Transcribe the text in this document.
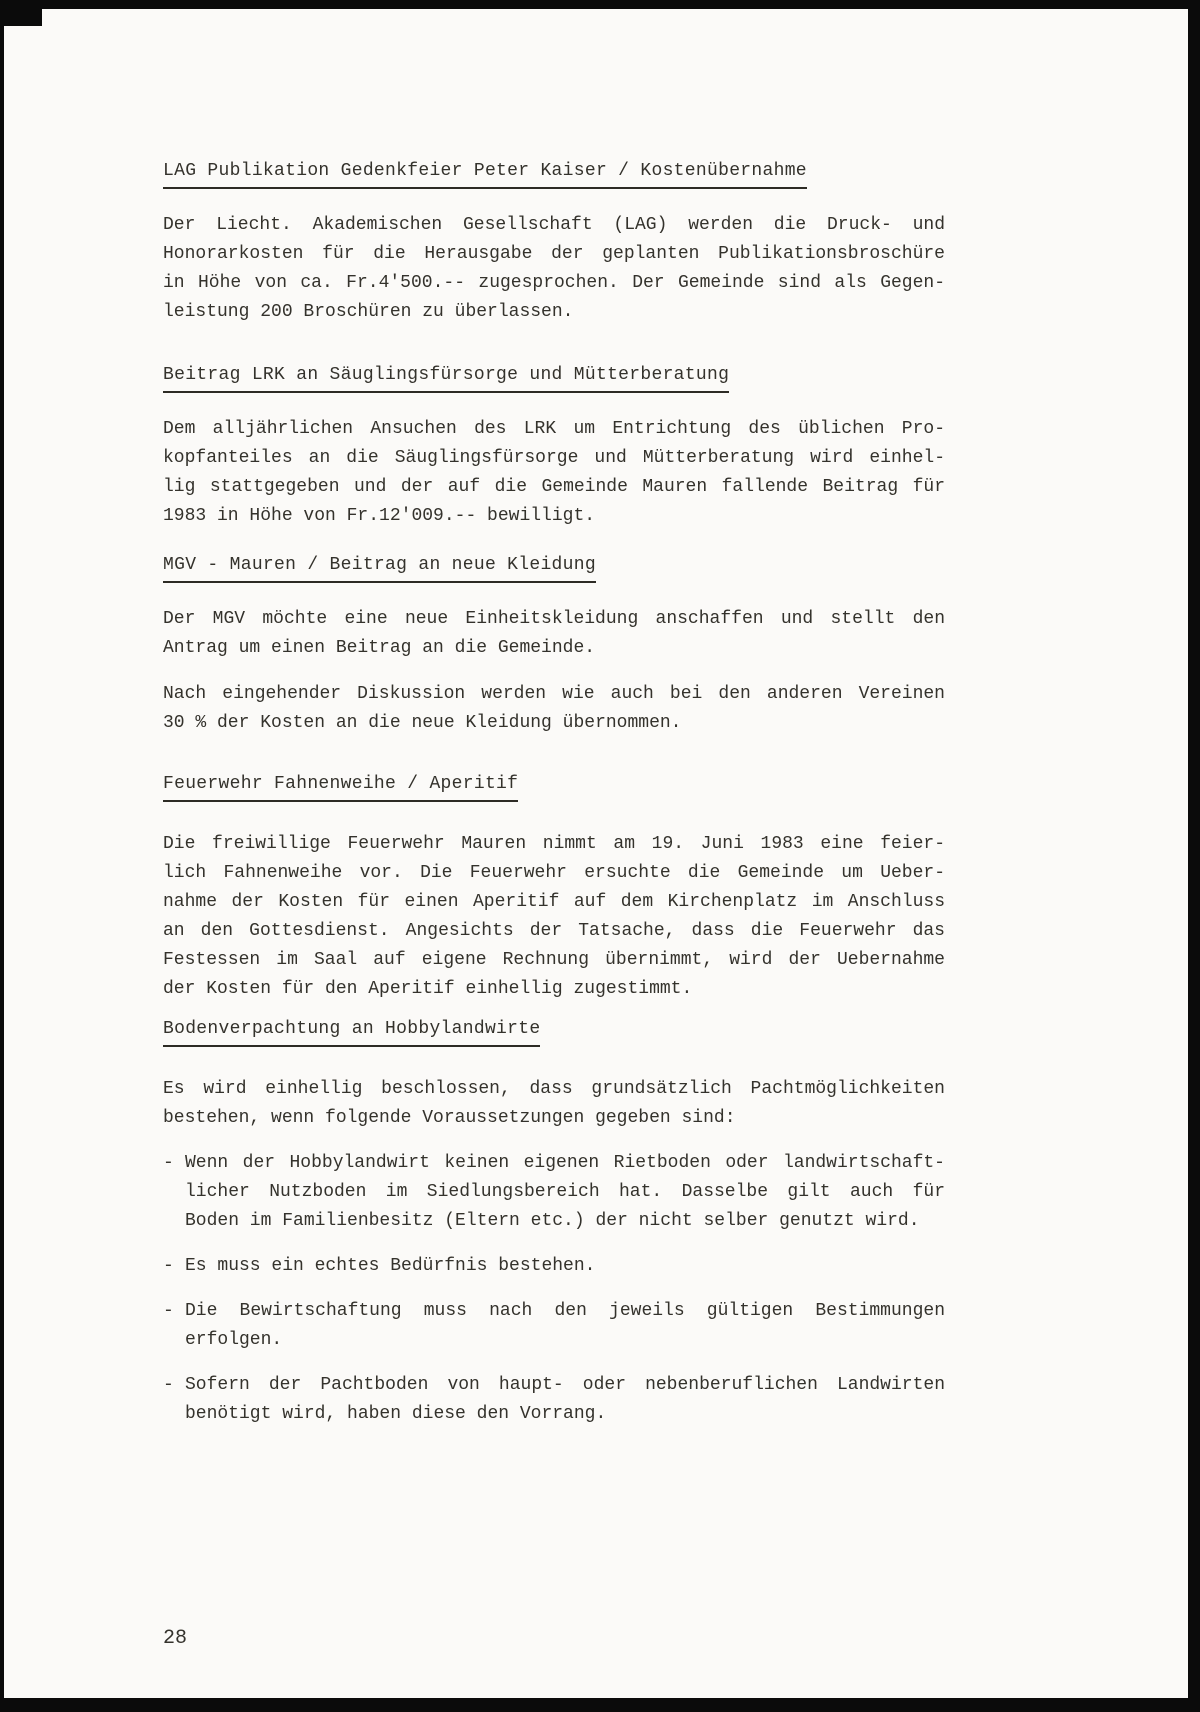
LAG Publikation Gedenkfeier Peter Kaiser / Kostenübernahme
Der Liecht. Akademischen Gesellschaft (LAG) werden die Druck- und
Honorarkosten für die Herausgabe der geplanten Publikationsbroschüre
in Höhe von ca. Fr.4'500.-- zugesprochen. Der Gemeinde sind als Gegen-
leistung 200 Broschüren zu überlassen.
Beitrag LRK an Säuglingsfürsorge und Mütterberatung
Dem alljährlichen Ansuchen des LRK um Entrichtung des üblichen Pro-
kopfanteiles an die Säuglingsfürsorge und Mütterberatung wird einhel-
lig stattgegeben und der auf die Gemeinde Mauren fallende Beitrag für
1983 in Höhe von Fr.12'009.-- bewilligt.
MGV - Mauren / Beitrag an neue Kleidung
Der MGV möchte eine neue Einheitskleidung anschaffen und stellt den
Antrag um einen Beitrag an die Gemeinde.
Nach eingehender Diskussion werden wie auch bei den anderen Vereinen
30 % der Kosten an die neue Kleidung übernommen.
Feuerwehr Fahnenweihe / Aperitif
Die freiwillige Feuerwehr Mauren nimmt am 19. Juni 1983 eine feier-
lich Fahnenweihe vor. Die Feuerwehr ersuchte die Gemeinde um Ueber-
nahme der Kosten für einen Aperitif auf dem Kirchenplatz im Anschluss
an den Gottesdienst. Angesichts der Tatsache, dass die Feuerwehr das
Festessen im Saal auf eigene Rechnung übernimmt, wird der Uebernahme
der Kosten für den Aperitif einhellig zugestimmt.
Bodenverpachtung an Hobbylandwirte
Es wird einhellig beschlossen, dass grundsätzlich Pachtmöglichkeiten
bestehen, wenn folgende Voraussetzungen gegeben sind:
- Wenn der Hobbylandwirt keinen eigenen Rietboden oder landwirtschaft-
licher Nutzboden im Siedlungsbereich hat. Dasselbe gilt auch für
Boden im Familienbesitz (Eltern etc.) der nicht selber genutzt wird.
- Es muss ein echtes Bedürfnis bestehen.
- Die Bewirtschaftung muss nach den jeweils gültigen Bestimmungen
erfolgen.
- Sofern der Pachtboden von haupt- oder nebenberuflichen Landwirten
benötigt wird, haben diese den Vorrang.
28
